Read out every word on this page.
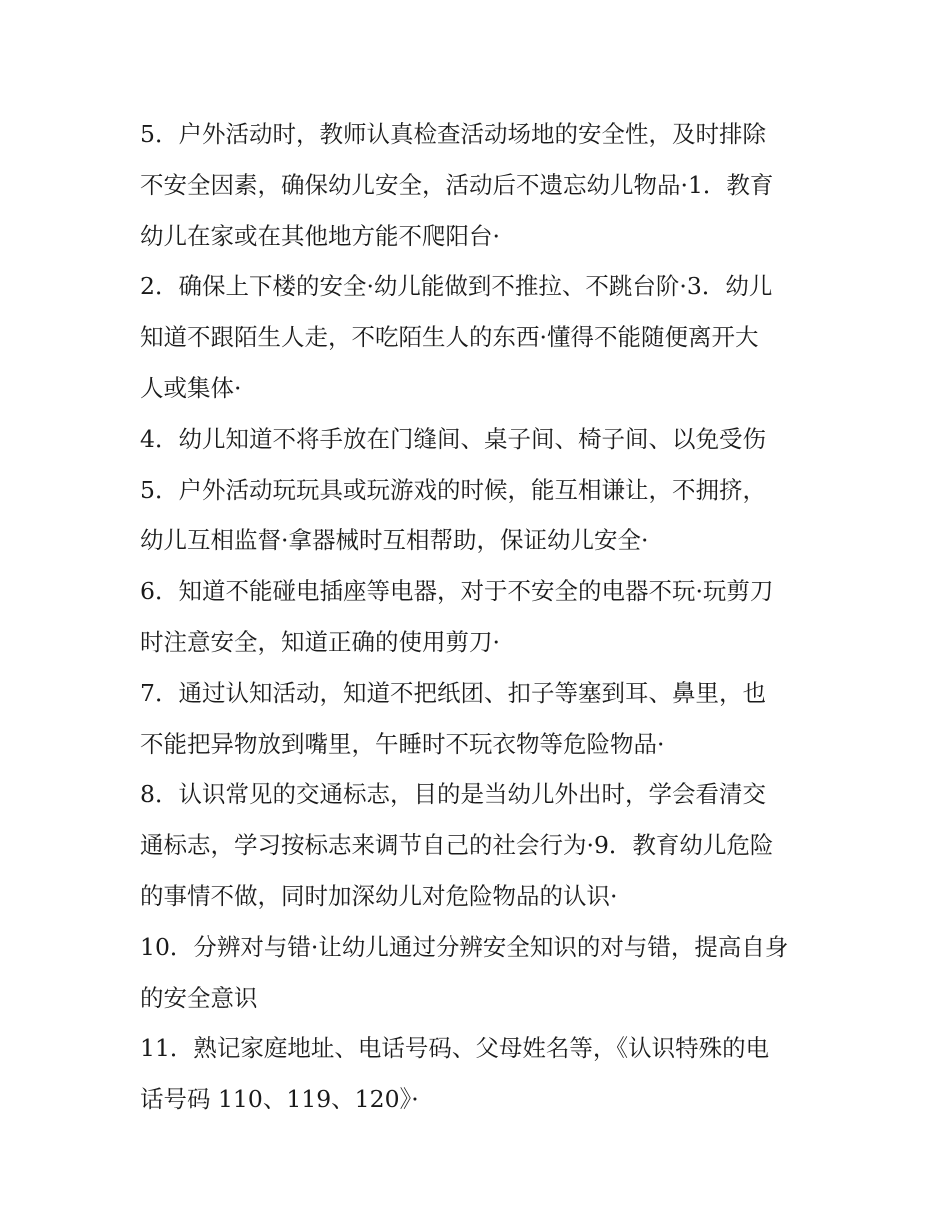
5．户外活动时，教师认真检查活动场地的安全性，及时排除
不安全因素，确保幼儿安全，活动后不遗忘幼儿物品·1．教育
幼儿在家或在其他地方能不爬阳台·
2．确保上下楼的安全·幼儿能做到不推拉、不跳台阶·3．幼儿
知道不跟陌生人走，不吃陌生人的东西·懂得不能随便离开大
人或集体·
4．幼儿知道不将手放在门缝间、桌子间、椅子间、以免受伤
5．户外活动玩玩具或玩游戏的时候，能互相谦让，不拥挤，
幼儿互相监督·拿器械时互相帮助，保证幼儿安全·
6．知道不能碰电插座等电器，对于不安全的电器不玩·玩剪刀
时注意安全，知道正确的使用剪刀·
7．通过认知活动，知道不把纸团、扣子等塞到耳、鼻里，也
不能把异物放到嘴里，午睡时不玩衣物等危险物品·
8．认识常见的交通标志，目的是当幼儿外出时，学会看清交
通标志，学习按标志来调节自己的社会行为·9．教育幼儿危险
的事情不做，同时加深幼儿对危险物品的认识·
10．分辨对与错·让幼儿通过分辨安全知识的对与错，提高自身
的安全意识
11．熟记家庭地址、电话号码、父母姓名等，《认识特殊的电
话号码 110、119、120》·
